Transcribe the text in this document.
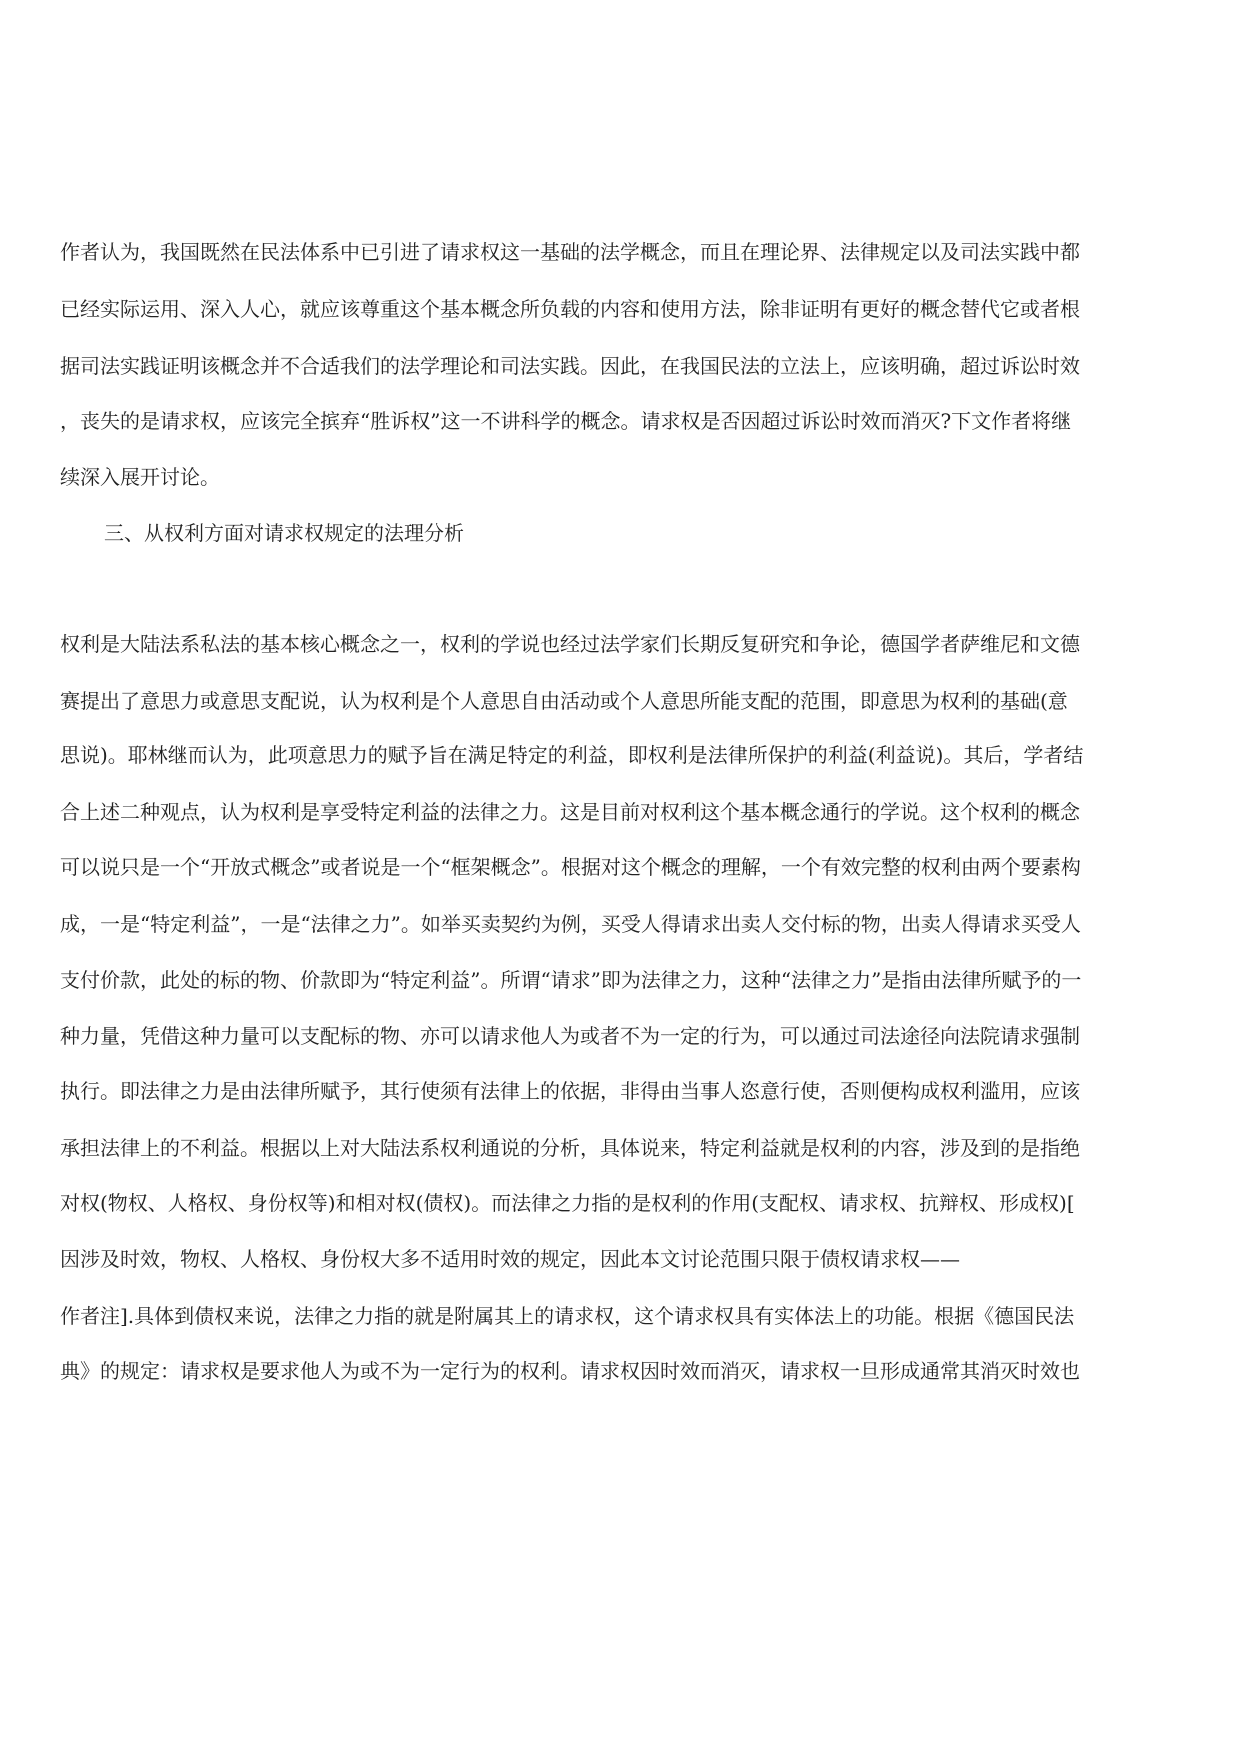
作者认为，我国既然在民法体系中已引进了请求权这一基础的法学概念，而且在理论界、法律规定以及司法实践中都
已经实际运用、深入人心，就应该尊重这个基本概念所负载的内容和使用方法，除非证明有更好的概念替代它或者根
据司法实践证明该概念并不合适我们的法学理论和司法实践。因此，在我国民法的立法上，应该明确，超过诉讼时效
，丧失的是请求权，应该完全摈弃“胜诉权”这一不讲科学的概念。请求权是否因超过诉讼时效而消灭?下文作者将继
续深入展开讨论。
三、从权利方面对请求权规定的法理分析
权利是大陆法系私法的基本核心概念之一，权利的学说也经过法学家们长期反复研究和争论，德国学者萨维尼和文德
赛提出了意思力或意思支配说，认为权利是个人意思自由活动或个人意思所能支配的范围，即意思为权利的基础(意
思说)。耶林继而认为，此项意思力的赋予旨在满足特定的利益，即权利是法律所保护的利益(利益说)。其后，学者结
合上述二种观点，认为权利是享受特定利益的法律之力。这是目前对权利这个基本概念通行的学说。这个权利的概念
可以说只是一个“开放式概念”或者说是一个“框架概念”。根据对这个概念的理解，一个有效完整的权利由两个要素构
成，一是“特定利益”，一是“法律之力”。如举买卖契约为例，买受人得请求出卖人交付标的物，出卖人得请求买受人
支付价款，此处的标的物、价款即为“特定利益”。所谓“请求”即为法律之力，这种“法律之力”是指由法律所赋予的一
种力量，凭借这种力量可以支配标的物、亦可以请求他人为或者不为一定的行为，可以通过司法途径向法院请求强制
执行。即法律之力是由法律所赋予，其行使须有法律上的依据，非得由当事人恣意行使，否则便构成权利滥用，应该
承担法律上的不利益。根据以上对大陆法系权利通说的分析，具体说来，特定利益就是权利的内容，涉及到的是指绝
对权(物权、人格权、身份权等)和相对权(债权)。而法律之力指的是权利的作用(支配权、请求权、抗辩权、形成权)[
因涉及时效，物权、人格权、身份权大多不适用时效的规定，因此本文讨论范围只限于债权请求权——
作者注].具体到债权来说，法律之力指的就是附属其上的请求权，这个请求权具有实体法上的功能。根据《德国民法
典》的规定：请求权是要求他人为或不为一定行为的权利。请求权因时效而消灭，请求权一旦形成通常其消灭时效也
